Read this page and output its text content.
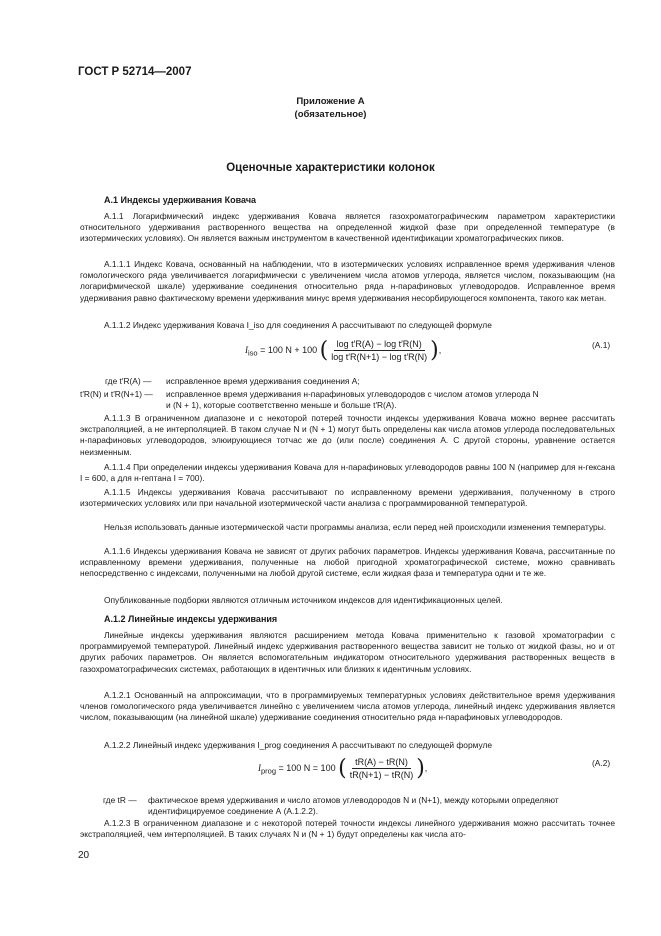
ГОСТ Р 52714—2007
Приложение А
(обязательное)
Оценочные характеристики колонок
А.1 Индексы удерживания Ковача
А.1.1 Логарифмический индекс удерживания Ковача является газохроматографическим параметром характеристики относительного удерживания растворенного вещества на определенной жидкой фазе при определенной температуре (в изотермических условиях). Он является важным инструментом в качественной идентификации хроматографических пиков.
А.1.1.1 Индекс Ковача, основанный на наблюдении, что в изотермических условиях исправленное время удерживания членов гомологического ряда увеличивается логарифмически с увеличением числа атомов углерода, является числом, показывающим (на логарифмической шкале) удерживание соединения относительно ряда н-парафиновых углеводородов. Исправленное время удерживания равно фактическому времени удерживания минус время удерживания несорбирующегося компонента, такого как метан.
А.1.1.2 Индекс удерживания Ковача I_iso для соединения А рассчитывают по следующей формуле
$I_{iso} = 100$ N + 100 ( $\frac{\text{log t′R(A) − log t′R(N)}}{\text{log t′R(N+1) − log t′R(N)}}$ ),	(А.1)
где t′R(A) — исправленное время удерживания соединения А;
t′R(N) и t′R(N+1) — исправленное время удерживания н-парафиновых углеводородов с числом атомов углерода N
и (N + 1), которые соответственно меньше и больше t′R(A).
А.1.1.3 В ограниченном диапазоне и с некоторой потерей точности индексы удерживания Ковача можно вернее рассчитать экстраполяцией, а не интерполяцией. В таком случае N и (N + 1) могут быть определены как числа атомов углерода последовательных н-парафиновых углеводородов, элюирующиеся тотчас же до (или после) соединения А. С другой стороны, уравнение остается неизменным.
А.1.1.4 При определении индексы удерживания Ковача для н-парафиновых углеводородов равны 100 N (например для н-гексана I = 600, а для н-гептана I = 700).
А.1.1.5 Индексы удерживания Ковача рассчитывают по исправленному времени удерживания, полученному в строго изотермических условиях или при начальной изотермической части анализа с программированной температурой.
Нельзя использовать данные изотермической части программы анализа, если перед ней происходили изменения температуры.
А.1.1.6 Индексы удерживания Ковача не зависят от других рабочих параметров. Индексы удерживания Ковача, рассчитанные по исправленному времени удерживания, полученные на любой пригодной хроматографической системе, можно сравнивать непосредственно с индексами, полученными на любой другой системе, если жидкая фаза и температура одни и те же.
Опубликованные подборки являются отличным источником индексов для идентификационных целей.
А.1.2 Линейные индексы удерживания
Линейные индексы удерживания являются расширением метода Ковача применительно к газовой хроматографии с программируемой температурой. Линейный индекс удерживания растворенного вещества зависит не только от жидкой фазы, но и от других рабочих параметров. Он является вспомогательным индикатором относительного удерживания растворенных веществ в газохроматографических системах, работающих в идентичных или близких к идентичным условиях.
А.1.2.1 Основанный на аппроксимации, что в программируемых температурных условиях действительное время удерживания членов гомологического ряда увеличивается линейно с увеличением числа атомов углерода, линейный индекс удерживания является числом, показывающим (на линейной шкале) удерживание соединения относительно ряда н-парафиновых углеводородов.
А.1.2.2 Линейный индекс удерживания I_prog соединения А рассчитывают по следующей формуле
$I_{prog} = 100$ N = 100 ( $\frac{tR(A) - tR(N)}{tR(N+1) - tR(N)}$ ),	(А.2)
где tR — фактическое время удерживания и число атомов углеводородов N и (N+1), между которыми определяют
идентифицируемое соединение А (А.1.2.2).
А.1.2.3 В ограниченном диапазоне и с некоторой потерей точности индексы линейного удерживания можно рассчитать точнее экстраполяцией, чем интерполяцией. В таких случаях N и (N + 1) будут определены как числа ато-
20
